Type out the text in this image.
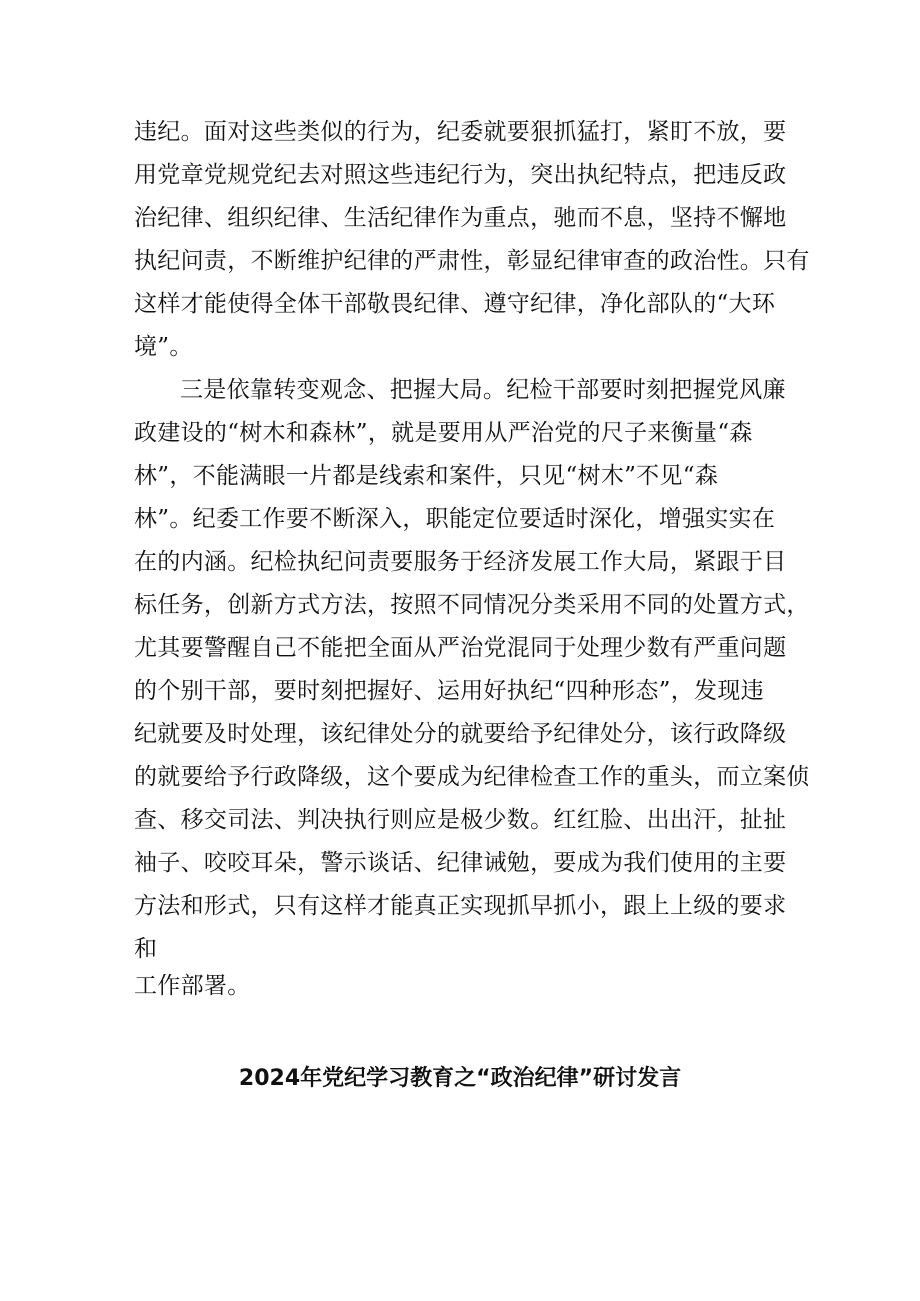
违纪。面对这些类似的行为，纪委就要狠抓猛打，紧盯不放，要
用党章党规党纪去对照这些违纪行为，突出执纪特点，把违反政
治纪律、组织纪律、生活纪律作为重点，驰而不息，坚持不懈地
执纪问责，不断维护纪律的严肃性，彰显纪律审查的政治性。只有
这样才能使得全体干部敬畏纪律、遵守纪律，净化部队的“大环
境”。
三是依靠转变观念、把握大局。纪检干部要时刻把握党风廉
政建设的“树木和森林”，就是要用从严治党的尺子来衡量“森
林”，不能满眼一片都是线索和案件，只见“树木”不见“森
林”。纪委工作要不断深入，职能定位要适时深化，增强实实在
在的内涵。纪检执纪问责要服务于经济发展工作大局，紧跟于目
标任务，创新方式方法，按照不同情况分类采用不同的处置方式，
尤其要警醒自己不能把全面从严治党混同于处理少数有严重问题
的个别干部，要时刻把握好、运用好执纪“四种形态”，发现违
纪就要及时处理，该纪律处分的就要给予纪律处分，该行政降级
的就要给予行政降级，这个要成为纪律检查工作的重头，而立案侦
查、移交司法、判决执行则应是极少数。红红脸、出出汗，扯扯
袖子、咬咬耳朵，警示谈话、纪律诫勉，要成为我们使用的主要
方法和形式，只有这样才能真正实现抓早抓小，跟上上级的要求
和
工作部署。
2024年党纪学习教育之“政治纪律”研讨发言
